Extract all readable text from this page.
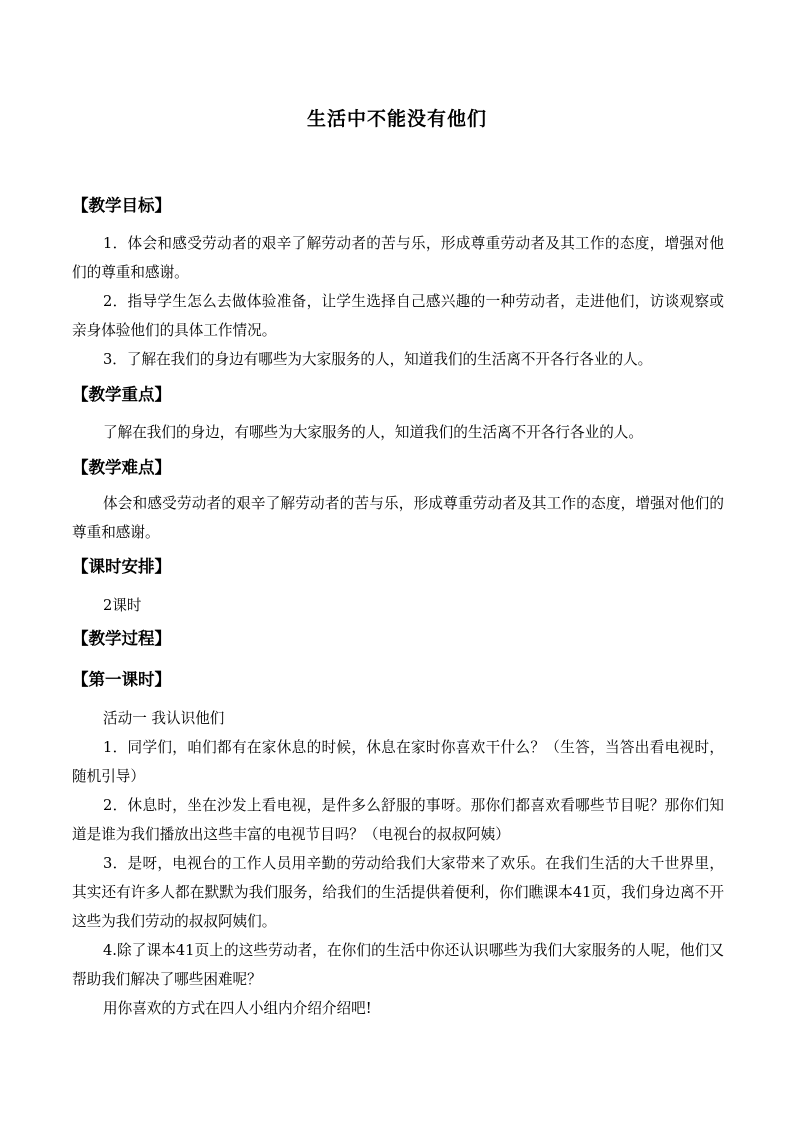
生活中不能没有他们
【教学目标】

1．体会和感受劳动者的艰辛了解劳动者的苦与乐，形成尊重劳动者及其工作的态度，增强对他们的尊重和感谢。

2．指导学生怎么去做体验准备，让学生选择自己感兴趣的一种劳动者，走进他们，访谈观察或亲身体验他们的具体工作情况。

3．了解在我们的身边有哪些为大家服务的人，知道我们的生活离不开各行各业的人。

【教学重点】

了解在我们的身边，有哪些为大家服务的人，知道我们的生活离不开各行各业的人。

【教学难点】

体会和感受劳动者的艰辛了解劳动者的苦与乐，形成尊重劳动者及其工作的态度，增强对他们的尊重和感谢。

【课时安排】

2课时

【教学过程】
【第一课时】

活动一 我认识他们

1．同学们，咱们都有在家休息的时候，休息在家时你喜欢干什么？（生答，当答出看电视时，随机引导）

2．休息时，坐在沙发上看电视，是件多么舒服的事呀。那你们都喜欢看哪些节目呢？那你们知道是谁为我们播放出这些丰富的电视节目吗？（电视台的叔叔阿姨）

3．是呀，电视台的工作人员用辛勤的劳动给我们大家带来了欢乐。在我们生活的大千世界里，其实还有许多人都在默默为我们服务，给我们的生活提供着便利，你们瞧课本41页，我们身边离不开这些为我们劳动的叔叔阿姨们。

4.除了课本41页上的这些劳动者，在你们的生活中你还认识哪些为我们大家服务的人呢，他们又帮助我们解决了哪些困难呢？

用你喜欢的方式在四人小组内介绍介绍吧!
